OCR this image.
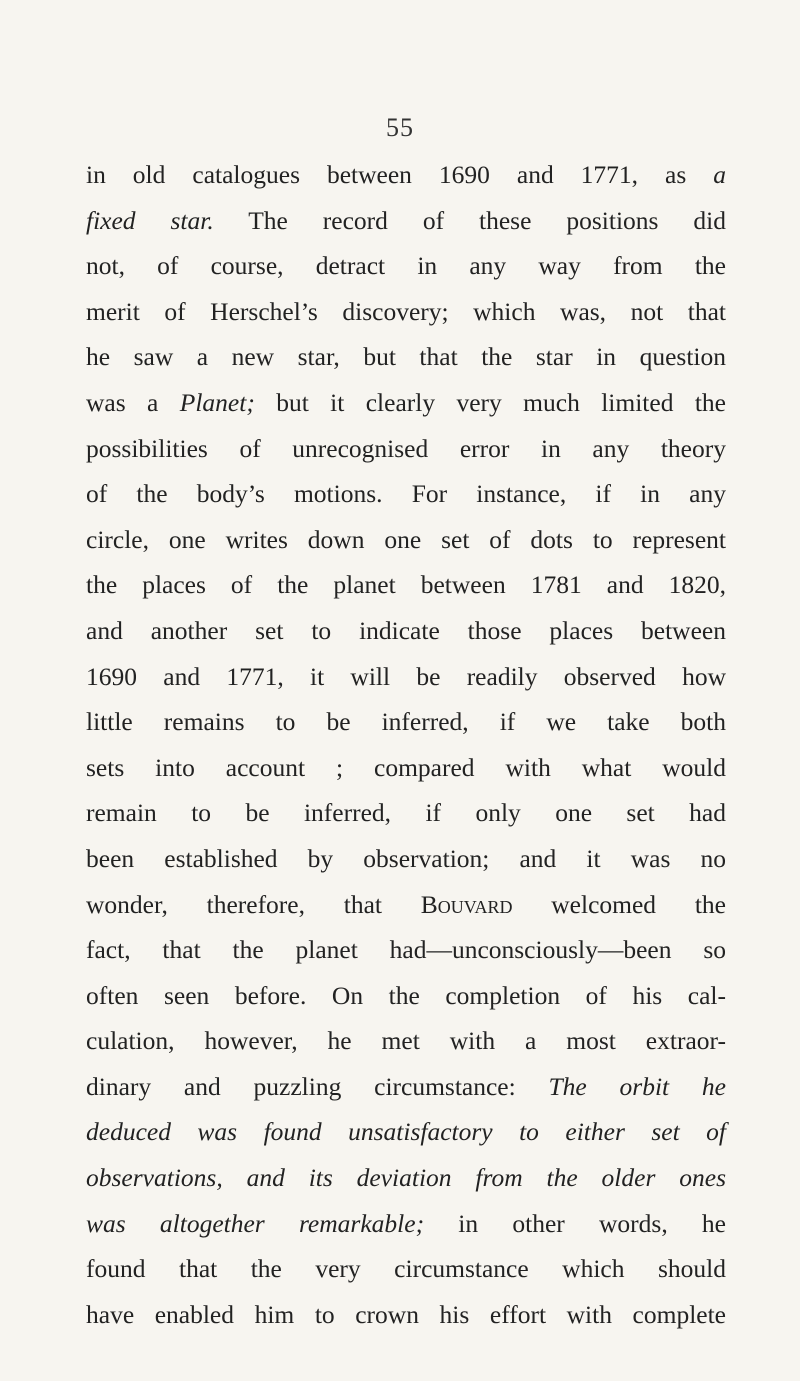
55
in old catalogues between 1690 and 1771, as a
fixed star. The record of these positions did
not, of course, detract in any way from the
merit of Herschel’s discovery; which was, not that
he saw a new star, but that the star in question
was a Planet; but it clearly very much limited the
possibilities of unrecognised error in any theory
of the body’s motions. For instance, if in any
circle, one writes down one set of dots to represent
the places of the planet between 1781 and 1820,
and another set to indicate those places between
1690 and 1771, it will be readily observed how
little remains to be inferred, if we take both
sets into account ; compared with what would
remain to be inferred, if only one set had
been established by observation; and it was no
wonder, therefore, that Bouvard welcomed the
fact, that the planet had—unconsciously—been so
often seen before. On the completion of his cal-
culation, however, he met with a most extraor-
dinary and puzzling circumstance: The orbit he
deduced was found unsatisfactory to either set of
observations, and its deviation from the older ones
was altogether remarkable; in other words, he
found that the very circumstance which should
have enabled him to crown his effort with complete
